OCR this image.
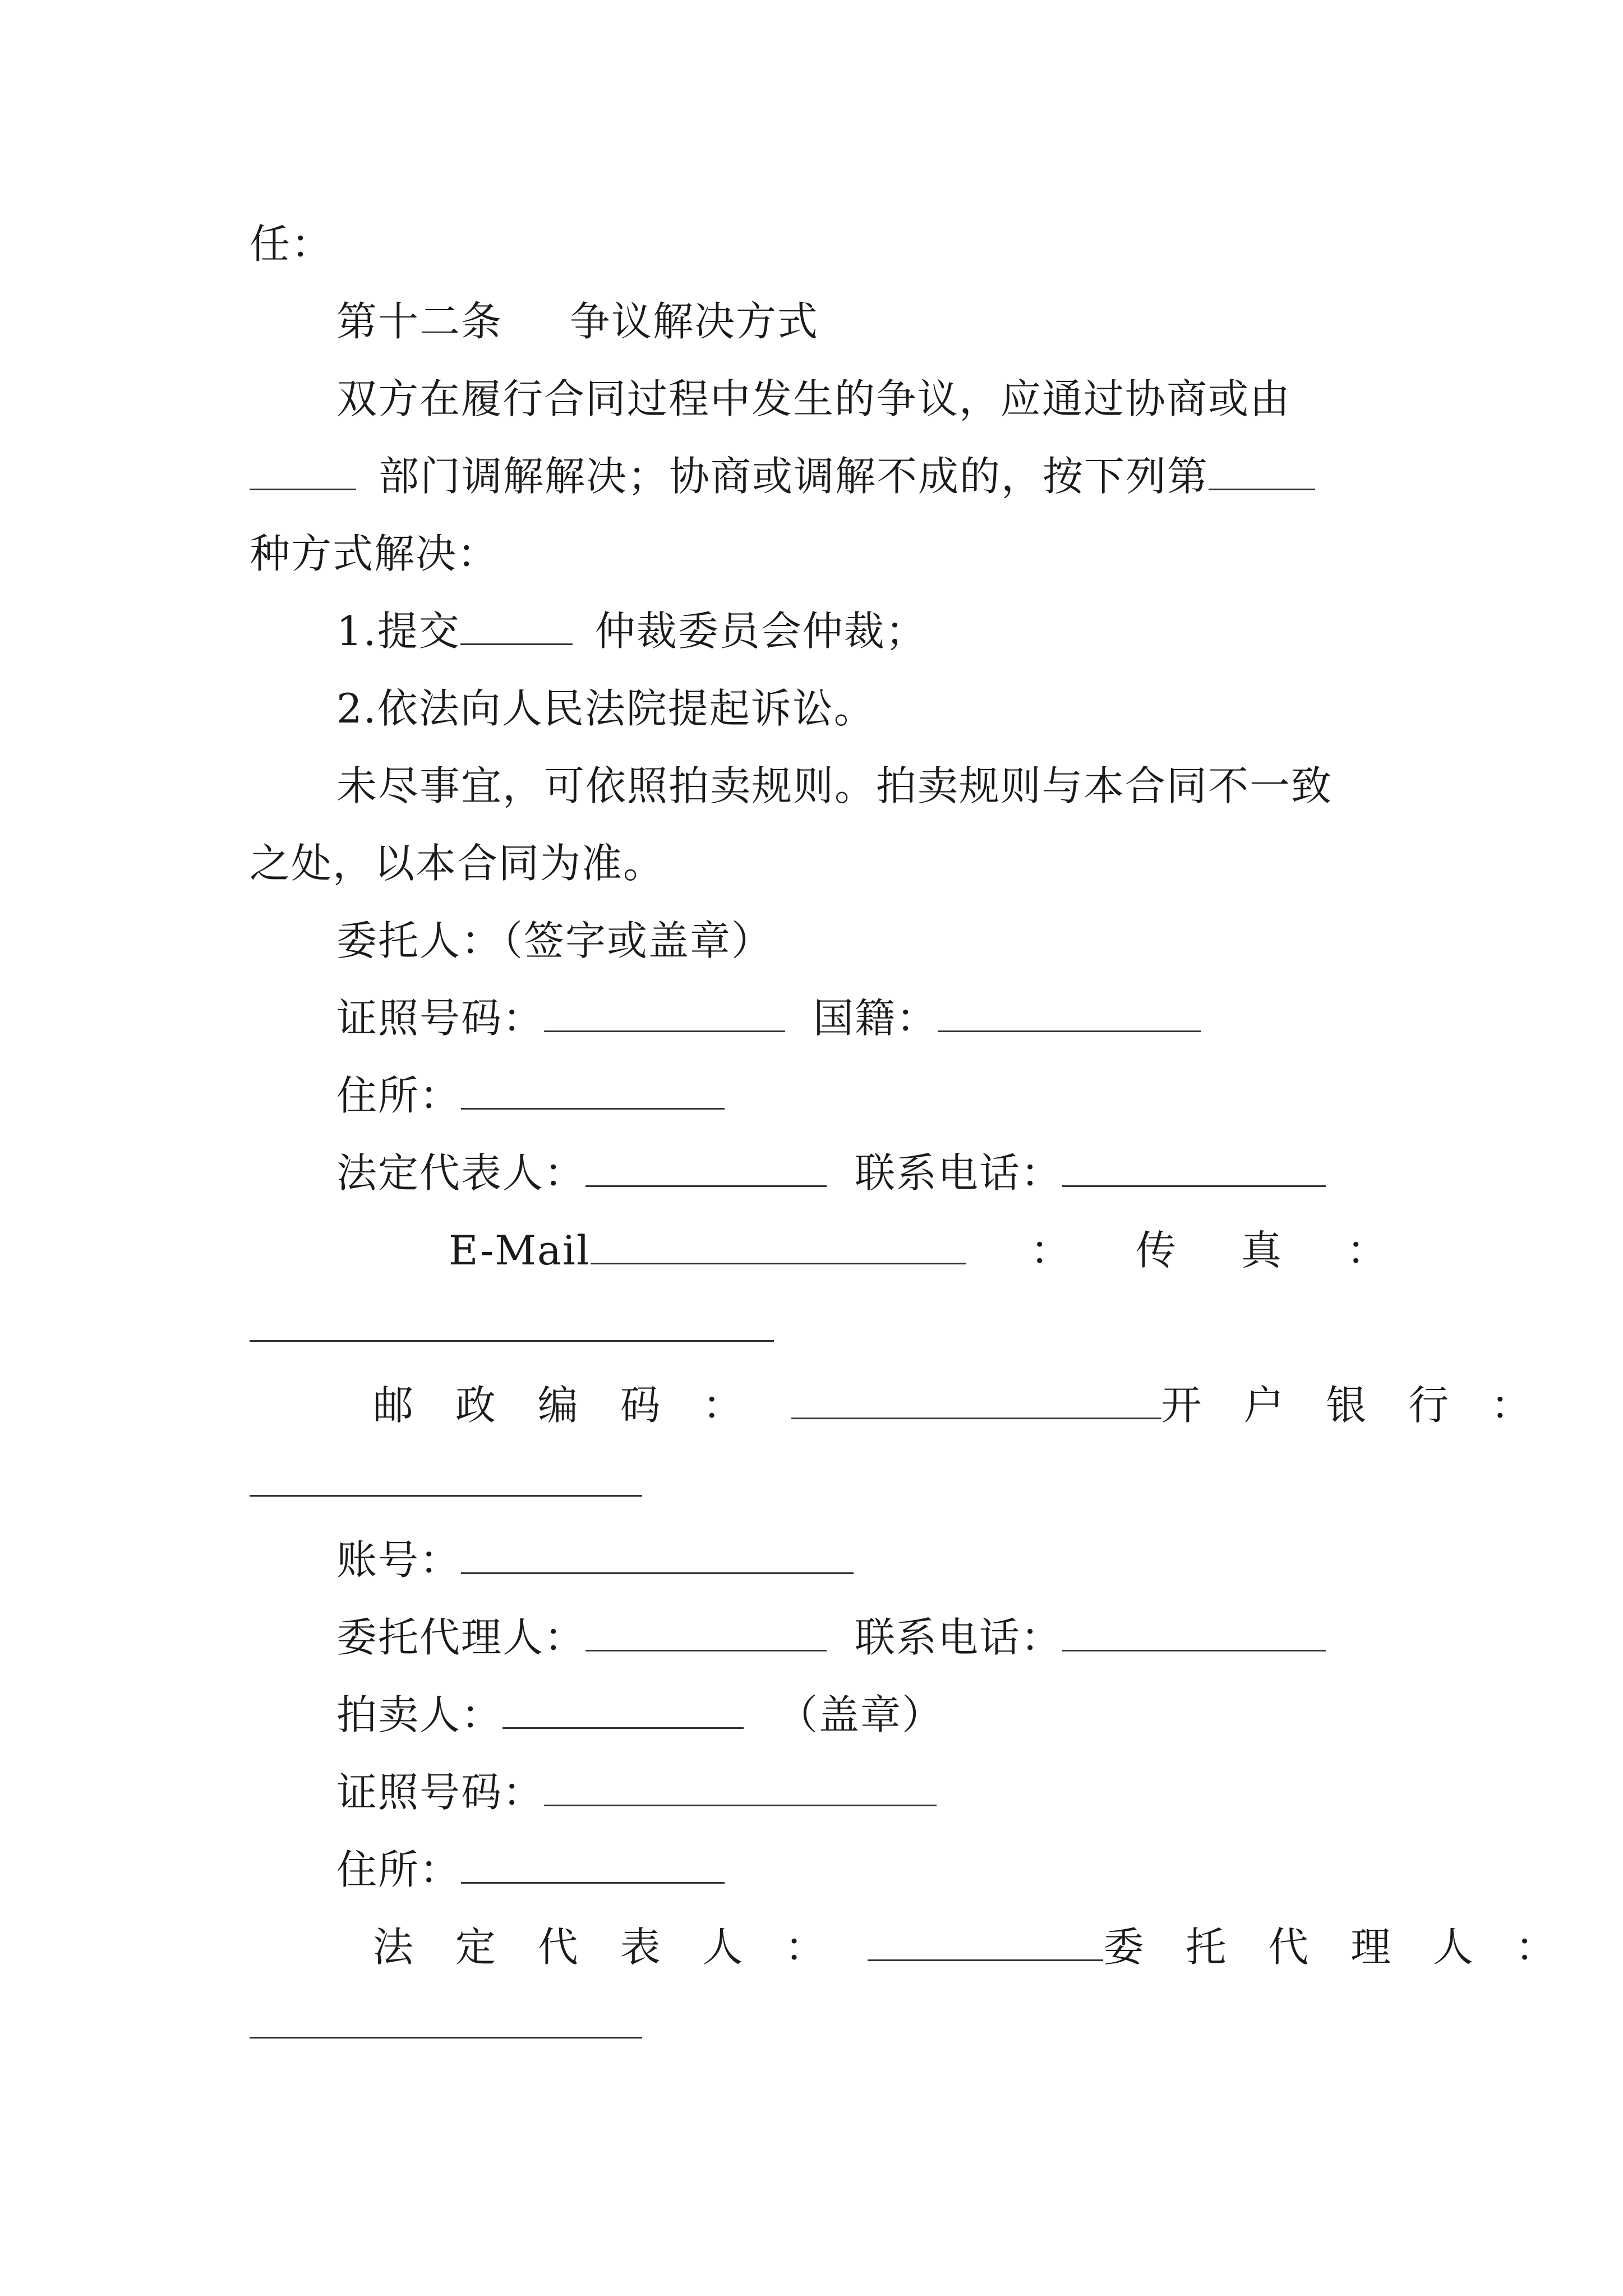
任：
第十二条 争议解决方式
双方在履行合同过程中发生的争议，应通过协商或由
部门调解解决；协商或调解不成的，按下列第
种方式解决：
1.提交	仲裁委员会仲裁；
2.依法向人民法院提起诉讼。
未尽事宜，可依照拍卖规则。拍卖规则与本合同不一致
之处，以本合同为准。
委托人：（签字或盖章）
证照号码：	国籍：
住所：
法定代表人：	联系电话：
E-Mail	： 传 真 ：
邮 政 编 码 ：	开 户 银 行 ：
账号：
委托代理人：	联系电话：
拍卖人：	（盖章）
证照号码：
住所：
法 定 代 表 人 ：	委 托 代 理 人 ：
